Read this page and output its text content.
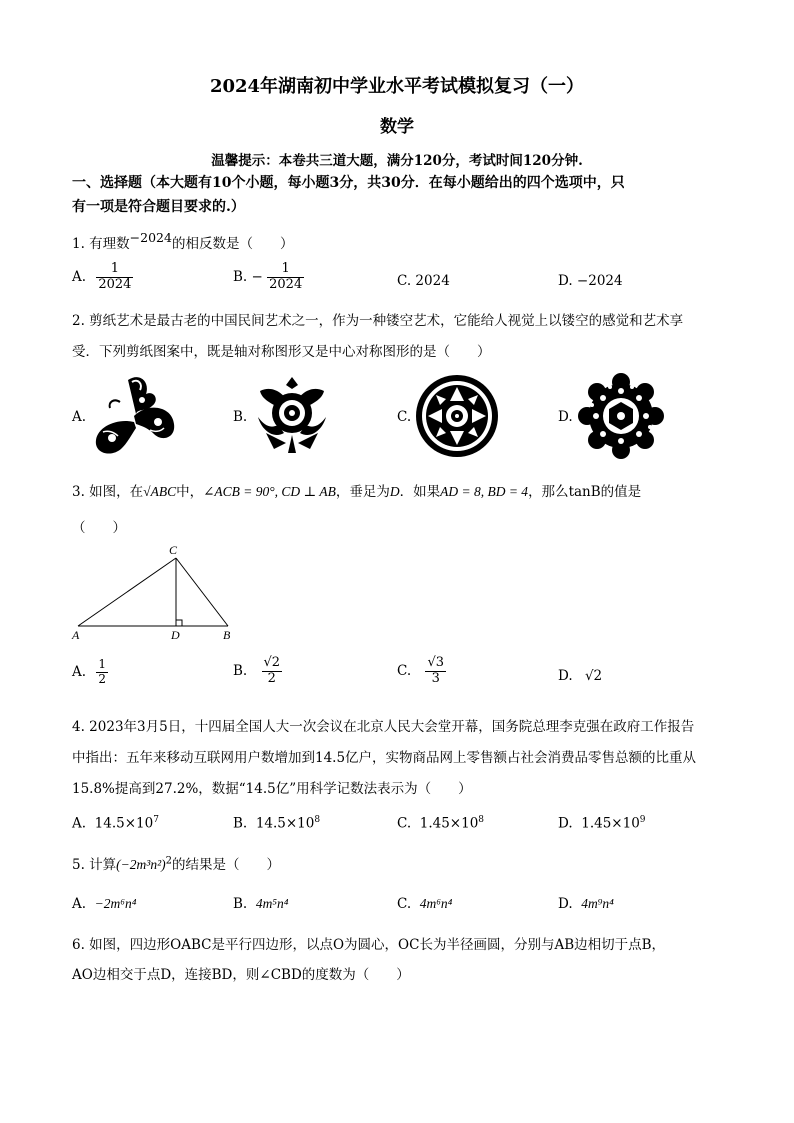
2024年湖南初中学业水平考试模拟复习（一）
数学
温馨提示：本卷共三道大题，满分120分，考试时间120分钟.
一、选择题（本大题有10个小题，每小题3分，共30分．在每小题给出的四个选项中，只
有一项是符合题目要求的.）
1. 有理数−2024的相反数是（　　）
A. $\frac{1}{2024}$	B. − $\frac{1}{2024}$	C. 2024	D. −2024
2. 剪纸艺术是最古老的中国民间艺术之一，作为一种镂空艺术，它能给人视觉上以镂空的感觉和艺术享
受．下列剪纸图案中，既是轴对称图形又是中心对称图形的是（　　）
A.	B.	C.	D.
3. 如图，在√ABC中，∠ACB = 90°, CD ⊥ AB，垂足为D．如果AD = 8, BD = 4，那么tanB的值是
（　　）
C
A	D	B
A. $\frac{1}{2}$	B. $\frac{√2}{2}$	C. $\frac{√3}{3}$	D. √2
4. 2023年3月5日，十四届全国人大一次会议在北京人民大会堂开幕，国务院总理李克强在政府工作报告
中指出：五年来移动互联网用户数增加到14.5亿户，实物商品网上零售额占社会消费品零售总额的比重从
15.8%提高到27.2%，数据“14.5亿”用科学记数法表示为（　　）
A. $14.5\times 10^7$	B. $14.5\times 10^8$	C. $1.45\times 10^8$	D. $1.45\times 10^9$
5. 计算$(-2m^3n^2)^2$的结果是（　　）
A. −2m⁶n⁴	B. 4m⁵n⁴	C. 4m⁶n⁴	D. 4m⁹n⁴
6. 如图，四边形OABC是平行四边形，以点O为圆心，OC长为半径画圆，分别与AB边相切于点B，
AO边相交于点D，连接BD，则∠CBD的度数为（　　）
